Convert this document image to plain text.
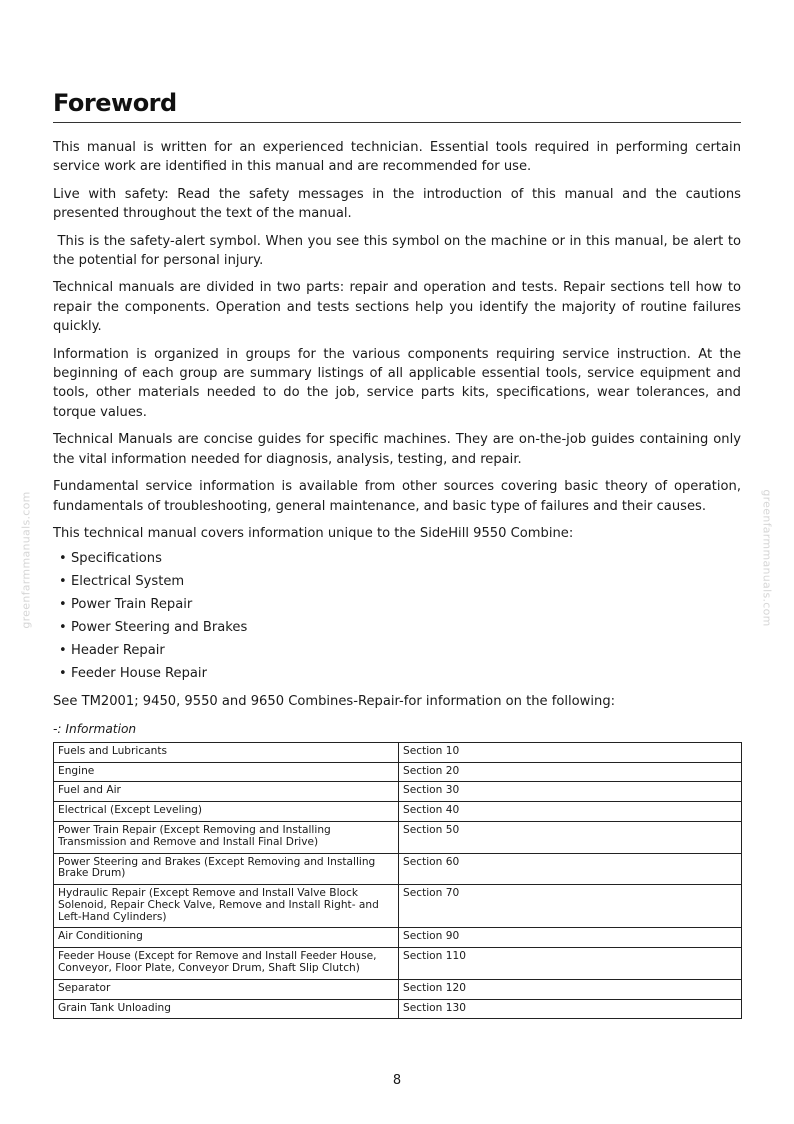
greenfarmmanuals.com	greenfarmmanuals.com
Foreword

This manual is written for an experienced technician. Essential tools required in performing certain service work are identified in this manual and are recommended for use.

Live with safety: Read the safety messages in the introduction of this manual and the cautions presented throughout the text of the manual.

This is the safety-alert symbol. When you see this symbol on the machine or in this manual, be alert to the potential for personal injury.

Technical manuals are divided in two parts: repair and operation and tests. Repair sections tell how to repair the components. Operation and tests sections help you identify the majority of routine failures quickly.

Information is organized in groups for the various components requiring service instruction. At the beginning of each group are summary listings of all applicable essential tools, service equipment and tools, other materials needed to do the job, service parts kits, specifications, wear tolerances, and torque values.

Technical Manuals are concise guides for specific machines. They are on-the-job guides containing only the vital information needed for diagnosis, analysis, testing, and repair.

Fundamental service information is available from other sources covering basic theory of operation, fundamentals of troubleshooting, general maintenance, and basic type of failures and their causes.

This technical manual covers information unique to the SideHill 9550 Combine:

• Specifications
• Electrical System
• Power Train Repair
• Power Steering and Brakes
• Header Repair
• Feeder House Repair

See TM2001; 9450, 9550 and 9650 Combines-Repair-for information on the following:

-: Information
Fuels and Lubricants	Section 10
Engine	Section 20
Fuel and Air	Section 30
Electrical (Except Leveling)	Section 40
Power Train Repair (Except Removing and Installing Transmission and Remove and Install Final Drive)	Section 50
Power Steering and Brakes (Except Removing and Installing Brake Drum)	Section 60
Hydraulic Repair (Except Remove and Install Valve Block Solenoid, Repair Check Valve, Remove and Install Right- and Left-Hand Cylinders)	Section 70
Air Conditioning	Section 90
Feeder House (Except for Remove and Install Feeder House, Conveyor, Floor Plate, Conveyor Drum, Shaft Slip Clutch)	Section 110
Separator	Section 120
Grain Tank Unloading	Section 130
8
